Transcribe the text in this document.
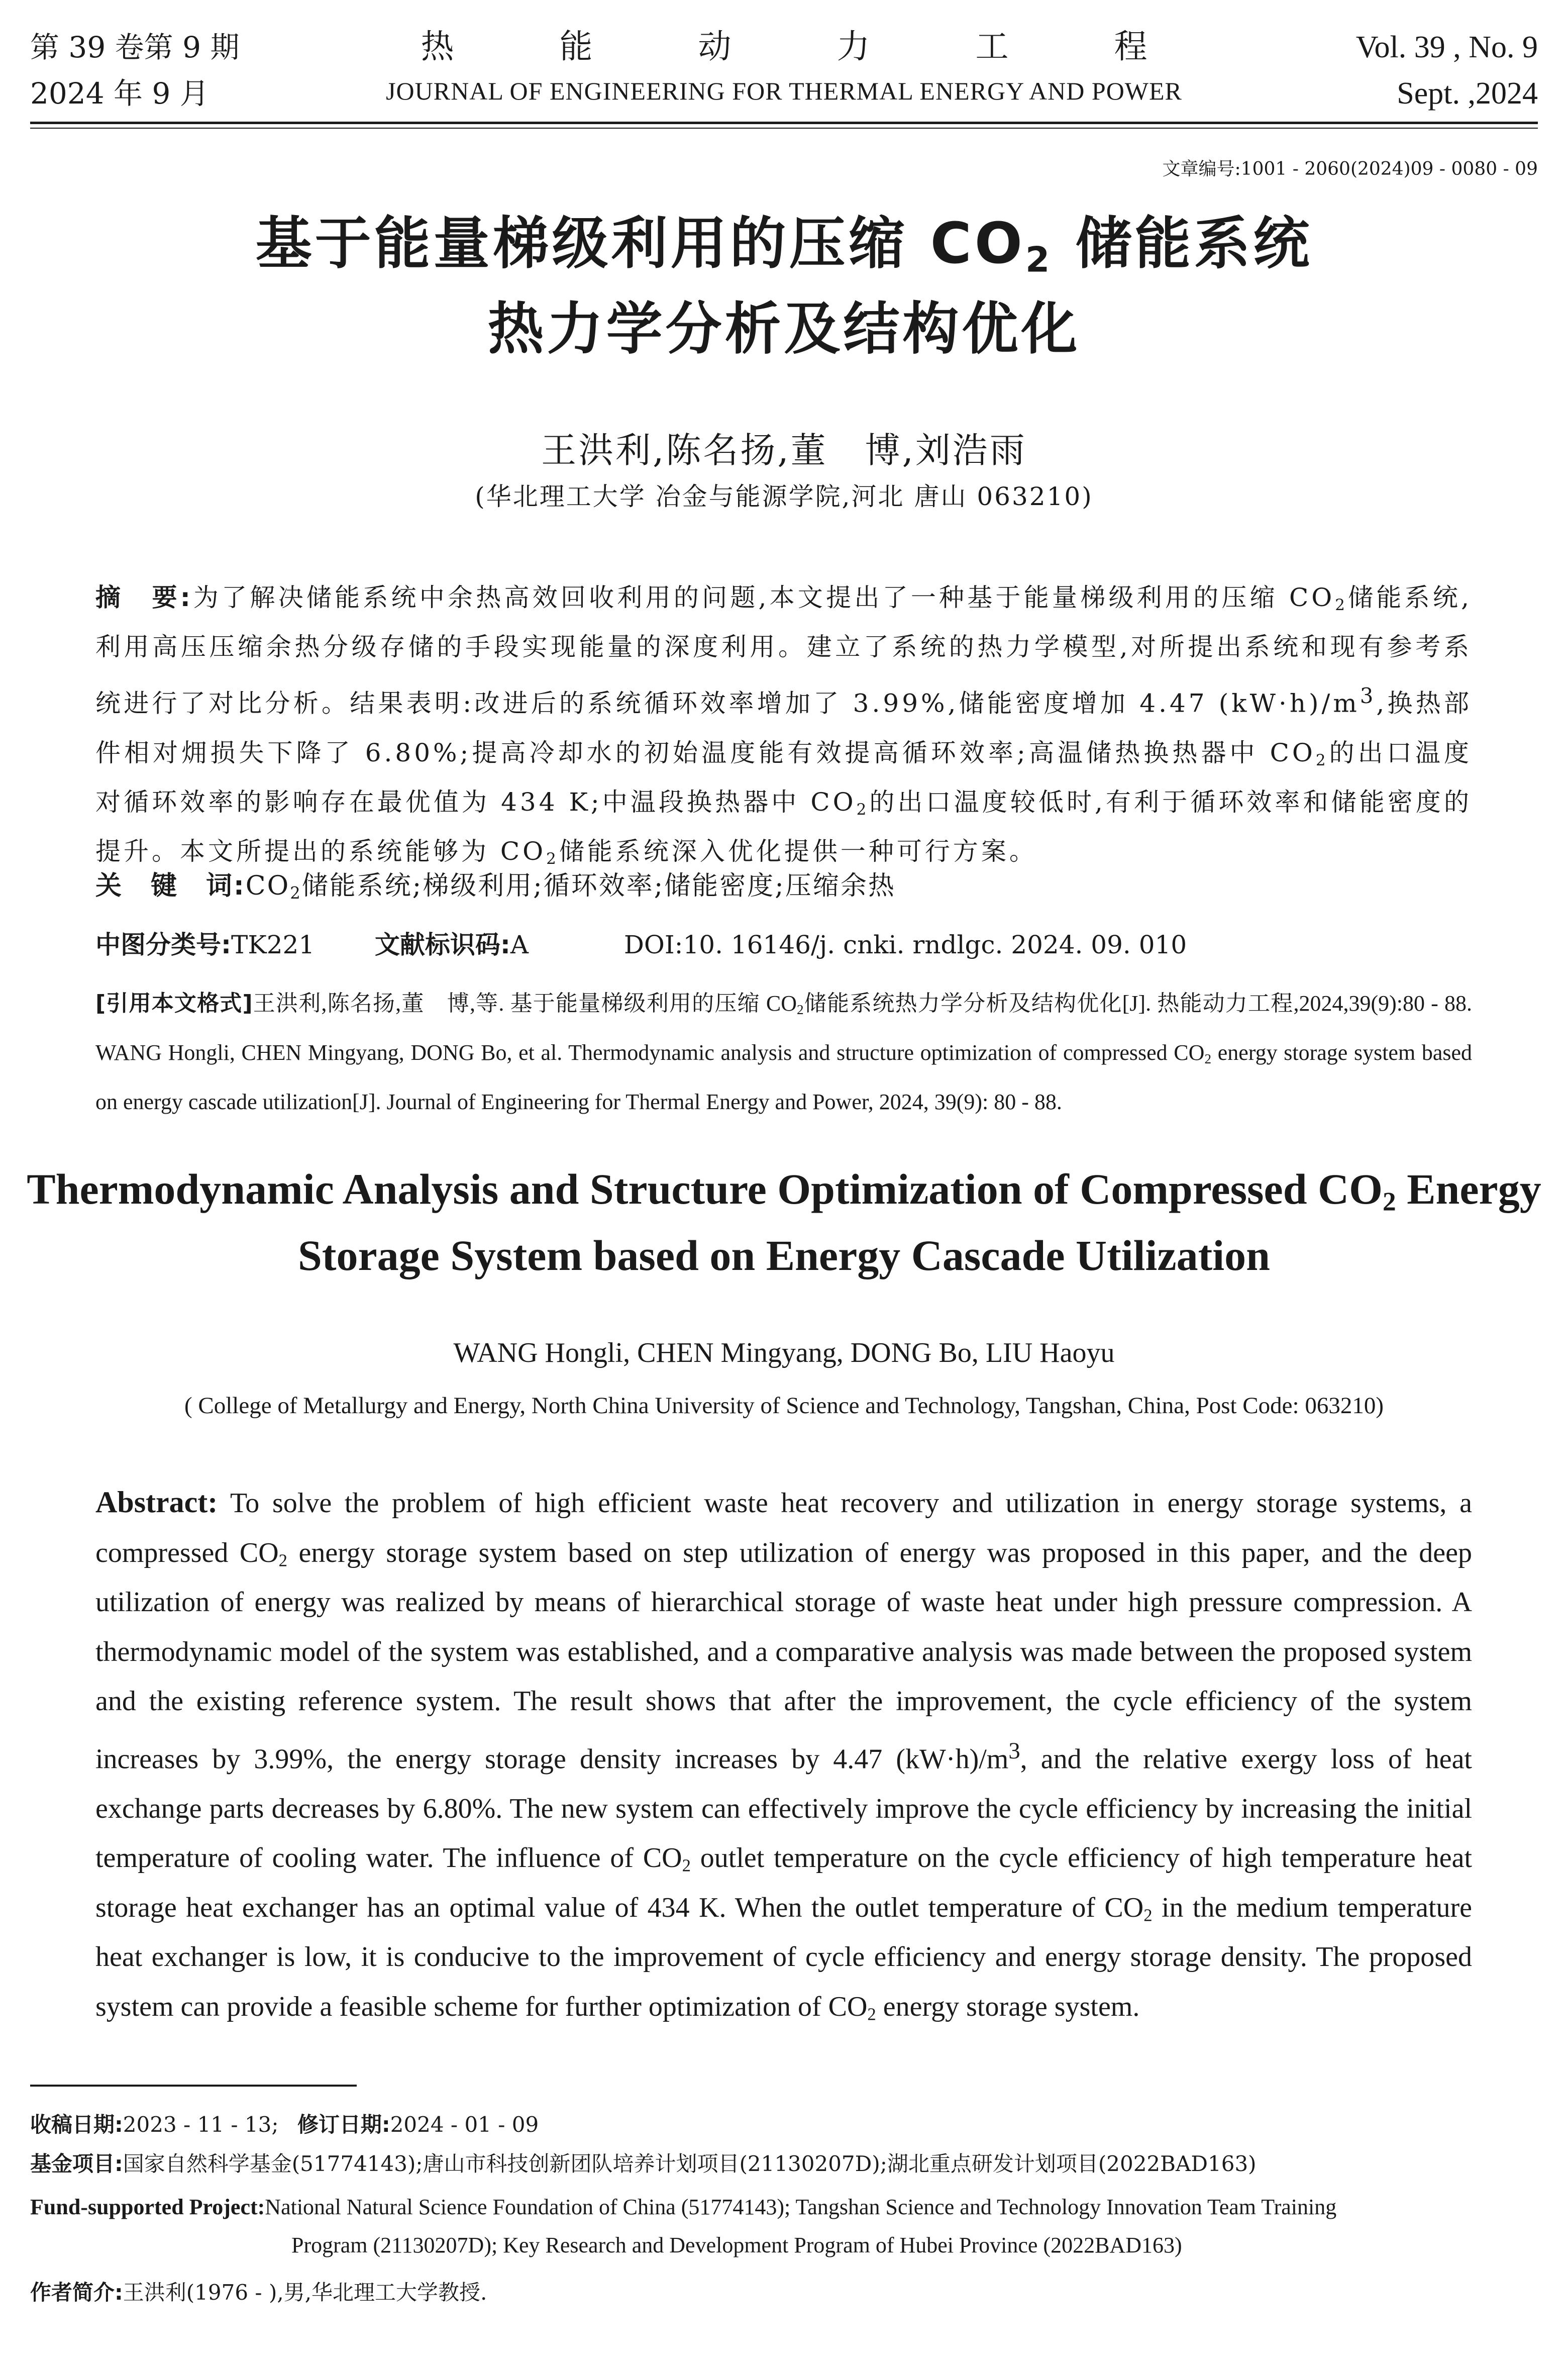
第 39 卷第 9 期
2024 年 9 月
热能动力工程
JOURNAL OF ENGINEERING FOR THERMAL ENERGY AND POWER
Vol. 39 , No. 9
Sept. ,2024
文章编号:1001 - 2060(2024)09 - 0080 - 09
基于能量梯级利用的压缩 $CO_2$ 储能系统
热力学分析及结构优化
王洪利,陈名扬,董　博,刘浩雨
(华北理工大学 冶金与能源学院,河北 唐山 063210)
摘　要:为了解决储能系统中余热高效回收利用的问题,本文提出了一种基于能量梯级利用的压缩 $CO_2$储能系统,利用高压压缩余热分级存储的手段实现能量的深度利用。建立了系统的热力学模型,对所提出系统和现有参考系统进行了对比分析。结果表明:改进后的系统循环效率增加了 3.99%,储能密度增加 4.47 $(kW\cdot h)/m^3$,换热部件相对㶲损失下降了 6.80%;提高冷却水的初始温度能有效提高循环效率;高温储热换热器中 $CO_2$的出口温度对循环效率的影响存在最优值为 434 K;中温段换热器中 $CO_2$的出口温度较低时,有利于循环效率和储能密度的提升。本文所提出的系统能够为 $CO_2$储能系统深入优化提供一种可行方案。
关　键　词$:CO_2$储能系统;梯级利用;循环效率;储能密度;压缩余热
中图分类号:TK221 文献标识码:A	DOI:10. 16146/j. cnki. rndlgc. 2024. 09. 010
[引用本文格式]王洪利,陈名扬,董　博,等. 基于能量梯级利用的压缩 $CO_2$储能系统热力学分析及结构优化[J]. 热能动力工程,2024,39(9):80 - 88. WANG Hongli, CHEN Mingyang, DONG Bo, et al. Thermodynamic analysis and structure optimization of compressed $CO_2$ energy storage system based on energy cascade utilization[J]. Journal of Engineering for Thermal Energy and Power, 2024, 39(9): 80 - 88.
Thermodynamic Analysis and Structure Optimization of Compressed $CO_2$ Energy
Storage System based on Energy Cascade Utilization
WANG Hongli, CHEN Mingyang, DONG Bo, LIU Haoyu
( College of Metallurgy and Energy, North China University of Science and Technology, Tangshan, China, Post Code: 063210)
Abstract: To solve the problem of high efficient waste heat recovery and utilization in energy storage systems, a compressed $CO_2$ energy storage system based on step utilization of energy was proposed in this paper, and the deep utilization of energy was realized by means of hierarchical storage of waste heat under high pressure compression. A thermodynamic model of the system was established, and a comparative analysis was made between the proposed system and the existing reference system. The result shows that after the improvement, the cycle efficiency of the system increases by 3.99%, the energy storage density increases by 4.47 $(kW\cdot h)/m^3$, and the relative exergy loss of heat exchange parts decreases by 6.80%. The new system can effectively improve the cycle efficiency by increasing the initial temperature of cooling water. The influence of $CO_2$ outlet temperature on the cycle efficiency of high temperature heat storage heat exchanger has an optimal value of 434 K. When the outlet temperature of $CO_2$ in the medium temperature heat exchanger is low, it is conducive to the improvement of cycle efficiency and energy storage density. The proposed system can provide a feasible scheme for further optimization of $CO_2$ energy storage system.
收稿日期:2023 - 11 - 13; 修订日期:2024 - 01 - 09
基金项目:国家自然科学基金(51774143);唐山市科技创新团队培养计划项目(21130207D);湖北重点研发计划项目(2022BAD163)
Fund-supported Project:National Natural Science Foundation of China (51774143); Tangshan Science and Technology Innovation Team Training
Program (21130207D); Key Research and Development Program of Hubei Province (2022BAD163)
作者简介:王洪利(1976 - ),男,华北理工大学教授.
